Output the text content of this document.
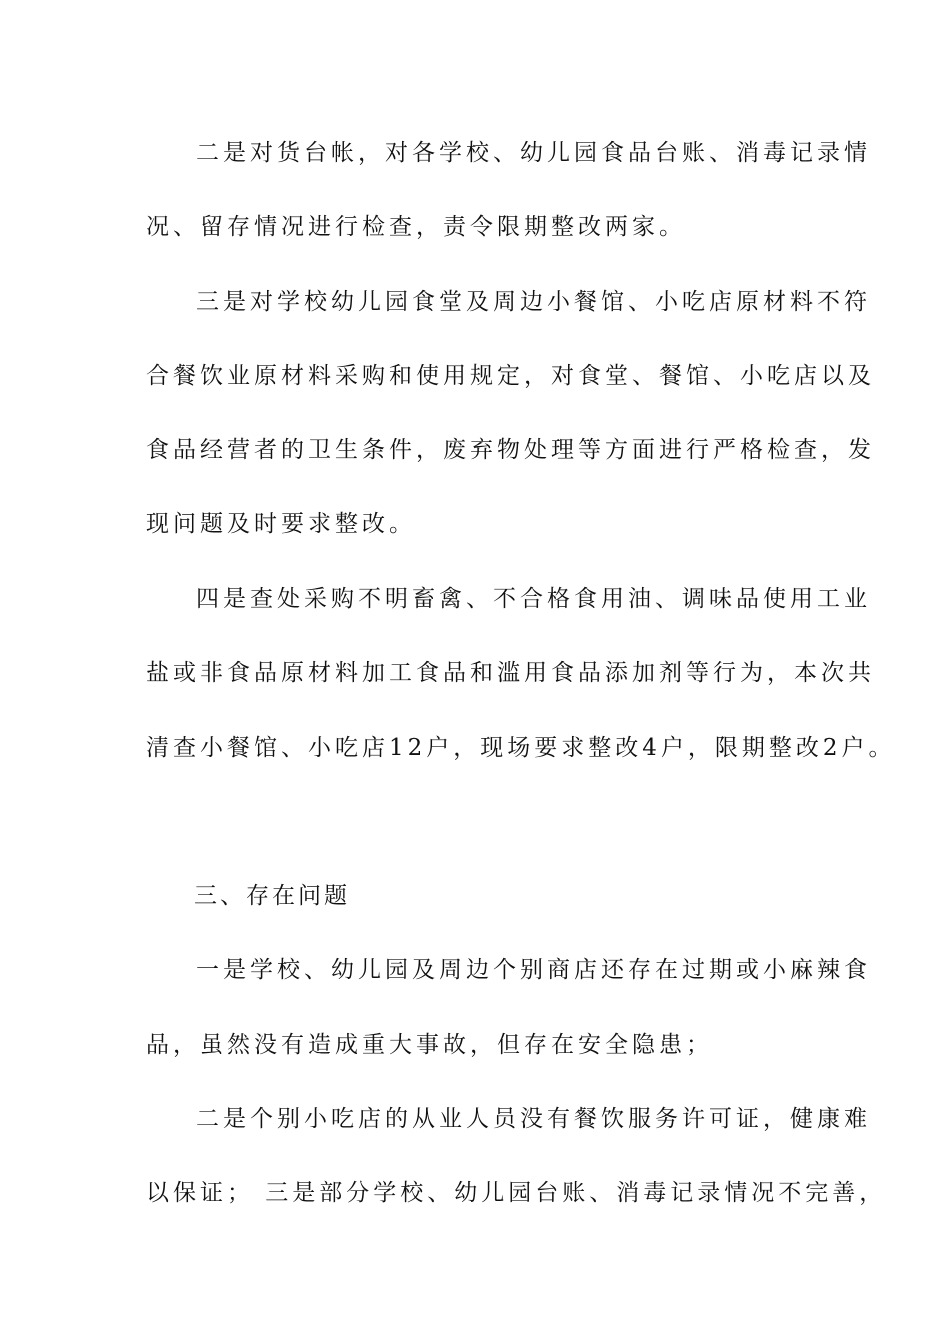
二是对货台帐，对各学校、幼儿园食品台账、消毒记录情
况、留存情况进行检查，责令限期整改两家。
三是对学校幼儿园食堂及周边小餐馆、小吃店原材料不符
合餐饮业原材料采购和使用规定，对食堂、餐馆、小吃店以及
食品经营者的卫生条件，废弃物处理等方面进行严格检查，发
现问题及时要求整改。
四是查处采购不明畜禽、不合格食用油、调味品使用工业
盐或非食品原材料加工食品和滥用食品添加剂等行为，本次共
清查小餐馆、小吃店12户，现场要求整改4户，限期整改2户。
三、存在问题
一是学校、幼儿园及周边个别商店还存在过期或小麻辣食
品，虽然没有造成重大事故，但存在安全隐患；
二是个别小吃店的从业人员没有餐饮服务许可证，健康难
以保证； 三是部分学校、幼儿园台账、消毒记录情况不完善，
